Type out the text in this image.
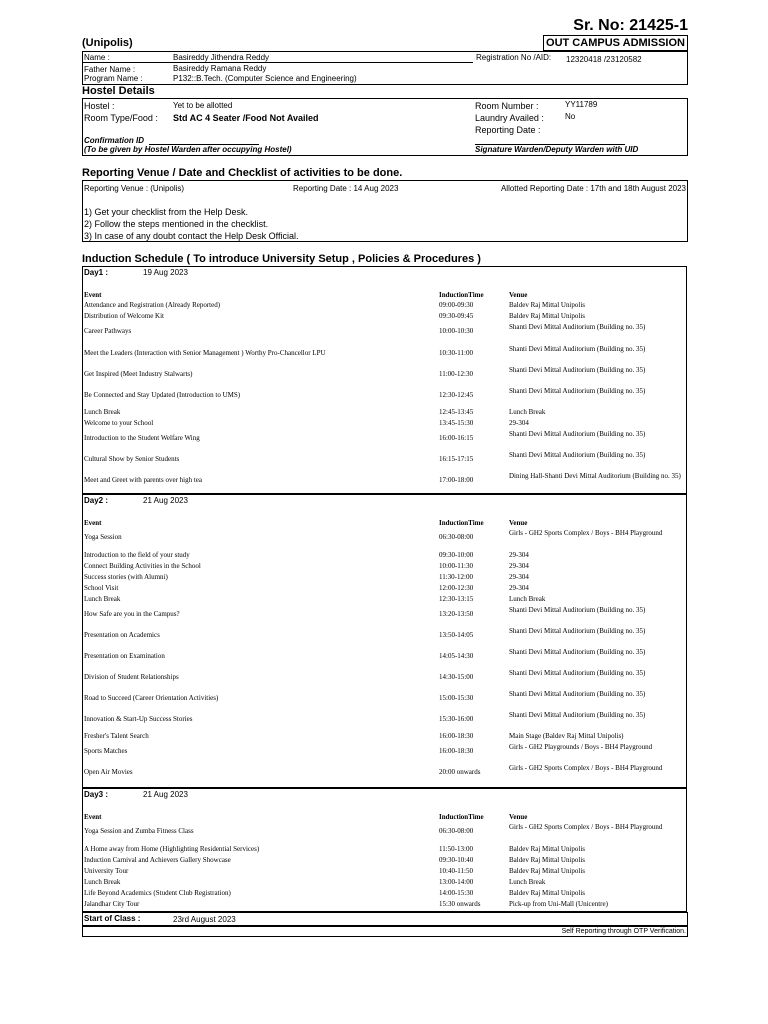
Sr. No: 21425-1
(Unipolis)	OUT CAMPUS ADMISSION
Name :	Basireddy Jithendra Reddy
Father Name :	Basireddy Ramana Reddy
Program Name :	P132::B.Tech. (Computer Science and Engineering)
Registration No /AID: 12320418 /23120582
Hostel Details
Hostel :	Yet to be allotted
Room Type/Food : Std AC 4 Seater /Food Not Availed
Room Number :	YY11789
Laundry Availed :	No
Reporting Date :
Confirmation ID
(To be given by Hostel Warden after occupying Hostel)	Signature Warden/Deputy Warden with UID
Reporting Venue / Date and Checklist of activities to be done.
Reporting Venue : (Unipolis)	Reporting Date : 14 Aug 2023	Allotted Reporting Date : 17th and 18th August 2023
1) Get your checklist from the Help Desk.
2) Follow the steps mentioned in the checklist.
3) In case of any doubt contact the Help Desk Official.
Induction Schedule ( To introduce University Setup , Policies & Procedures )
Day1 :	19 Aug 2023
Event	InductionTime	Venue
Attendance and Registration (Already Reported)	09:00-09:30	Baldev Raj Mittal Unipolis
Distribution of Welcome Kit	09:30-09:45	Baldev Raj Mittal Unipolis
Career Pathways	10:00-10:30	Shanti Devi Mittal Auditorium (Building no. 35)
Meet the Leaders (Interaction with Senior Management ) Worthy Pro-Chancellor LPU	10:30-11:00	Shanti Devi Mittal Auditorium (Building no. 35)
Get Inspired (Meet Industry Stalwarts)	11:00-12:30	Shanti Devi Mittal Auditorium (Building no. 35)
Be Connected and Stay Updated (Introduction to UMS)	12:30-12:45	Shanti Devi Mittal Auditorium (Building no. 35)
Lunch Break	12:45-13:45	Lunch Break
Welcome to your School	13:45-15:30	29-304
Introduction to the Student Welfare Wing	16:00-16:15	Shanti Devi Mittal Auditorium (Building no. 35)
Cultural Show by Senior Students	16:15-17:15	Shanti Devi Mittal Auditorium (Building no. 35)
Meet and Greet with parents over high tea	17:00-18:00	Dining Hall-Shanti Devi Mittal Auditorium (Building no. 35)
Day2 :	21 Aug 2023
Event	InductionTime	Venue
Yoga Session	06:30-08:00	Girls - GH2 Sports Complex / Boys - BH4 Playground
Introduction to the field of your study	09:30-10:00	29-304
Connect Building Activities in the School	10:00-11:30	29-304
Success stories (with Alumni)	11:30-12:00	29-304
School Visit	12:00-12:30	29-304
Lunch Break	12:30-13:15	Lunch Break
How Safe are you in the Campus?	13:20-13:50	Shanti Devi Mittal Auditorium (Building no. 35)
Presentation on Academics	13:50-14:05	Shanti Devi Mittal Auditorium (Building no. 35)
Presentation on Examination	14:05-14:30	Shanti Devi Mittal Auditorium (Building no. 35)
Division of Student Relationships	14:30-15:00	Shanti Devi Mittal Auditorium (Building no. 35)
Road to Succeed (Career Orientation Activities)	15:00-15:30	Shanti Devi Mittal Auditorium (Building no. 35)
Innovation & Start-Up Success Stories	15:30-16:00	Shanti Devi Mittal Auditorium (Building no. 35)
Fresher's Talent Search	16:00-18:30	Main Stage (Baldev Raj Mittal Unipolis)
Sports Matches	16:00-18:30	Girls - GH2 Playgrounds / Boys - BH4 Playground
Open Air Movies	20:00 onwards	Girls - GH2 Sports Complex / Boys - BH4 Playground
Day3 :	21 Aug 2023
Event	InductionTime	Venue
Yoga Session and Zumba Fitness Class	06:30-08:00	Girls - GH2 Sports Complex / Boys - BH4 Playground
A Home away from Home (Highlighting Residential Services)	11:50-13:00	Baldev Raj Mittal Unipolis
Induction Carnival and Achievers Gallery Showcase	09:30-10:40	Baldev Raj Mittal Unipolis
University Tour	10:40-11:50	Baldev Raj Mittal Unipolis
Lunch Break	13:00-14:00	Lunch Break
Life Beyond Academics (Student Club Registration)	14:00-15:30	Baldev Raj Mittal Unipolis
Jalandhar City Tour	15:30 onwards	Pick-up from Uni-Mall (Unicentre)
Start of Class :	23rd August 2023
Self Reporting through OTP Verification.
